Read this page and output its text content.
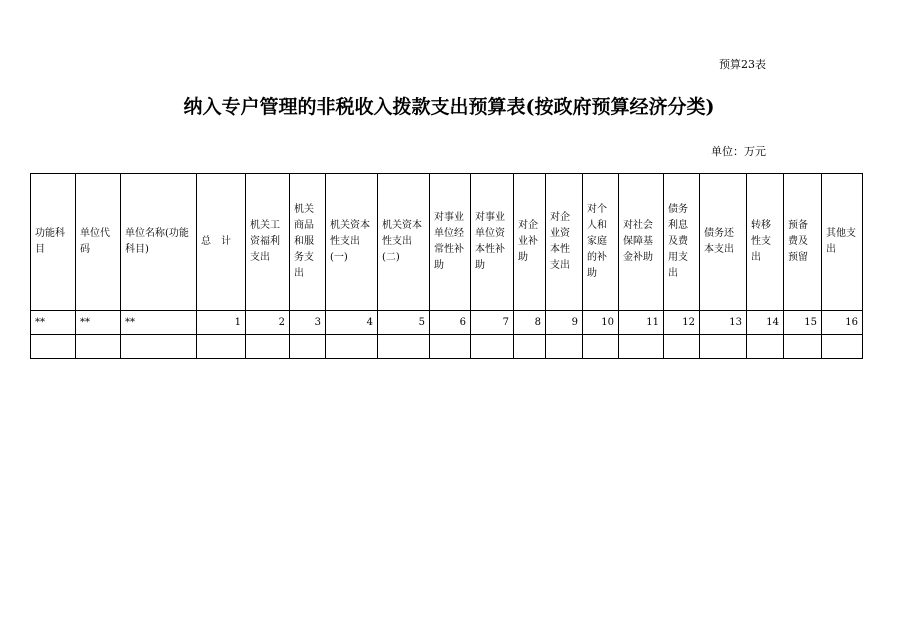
预算23表
纳入专户管理的非税收入拨款支出预算表(按政府预算经济分类)
单位：万元
功能科目	单位代码	单位名称(功能科目)	总　计	机关工资福利支出	机关商品和服务支出	机关资本性支出(一)	机关资本性支出(二)	对事业单位经常性补助	对事业单位资本性补助	对企业补助	对企业资本性支出	对个人和家庭的补助	对社会保障基金补助	债务利息及费用支出	债务还本支出	转移性支出	预备费及预留	其他支出

**	**	**	1	2	3	4	5	6	7	8	9	10	11	12	13	14	15	16
